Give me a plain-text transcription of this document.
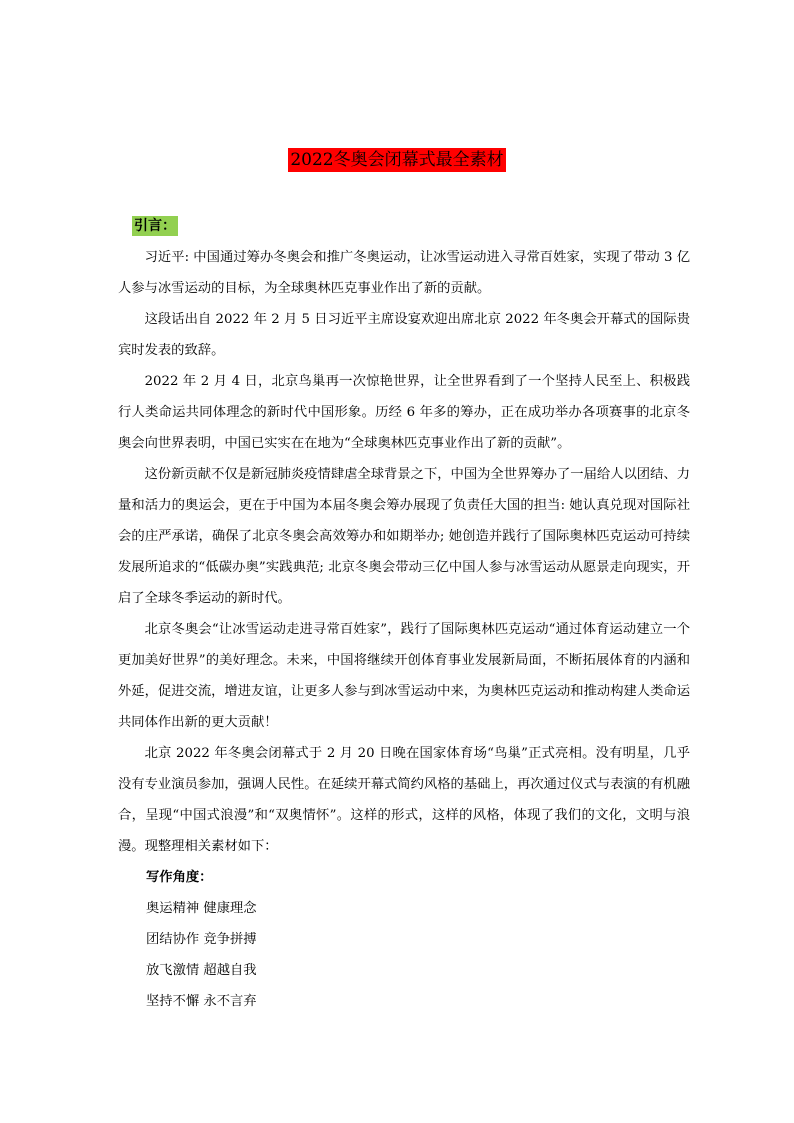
2022冬奥会闭幕式最全素材
引言：

习近平: 中国通过筹办冬奥会和推广冬奥运动，让冰雪运动进入寻常百姓家，实现了带动 3 亿人参与冰雪运动的目标，为全球奥林匹克事业作出了新的贡献。

这段话出自 2022 年 2 月 5 日习近平主席设宴欢迎出席北京 2022 年冬奥会开幕式的国际贵宾时发表的致辞。

2022 年 2 月 4 日，北京鸟巢再一次惊艳世界，让全世界看到了一个坚持人民至上、积极践行人类命运共同体理念的新时代中国形象。历经 6 年多的筹办，正在成功举办各项赛事的北京冬奥会向世界表明，中国已实实在在地为“全球奥林匹克事业作出了新的贡献”。

这份新贡献不仅是新冠肺炎疫情肆虐全球背景之下，中国为全世界筹办了一届给人以团结、力量和活力的奥运会，更在于中国为本届冬奥会筹办展现了负责任大国的担当: 她认真兑现对国际社会的庄严承诺，确保了北京冬奥会高效筹办和如期举办; 她创造并践行了国际奥林匹克运动可持续发展所追求的“低碳办奥”实践典范; 北京冬奥会带动三亿中国人参与冰雪运动从愿景走向现实，开启了全球冬季运动的新时代。

北京冬奥会“让冰雪运动走进寻常百姓家”，践行了国际奥林匹克运动“通过体育运动建立一个更加美好世界”的美好理念。未来，中国将继续开创体育事业发展新局面，不断拓展体育的内涵和外延，促进交流，增进友谊，让更多人参与到冰雪运动中来，为奥林匹克运动和推动构建人类命运共同体作出新的更大贡献！

北京 2022 年冬奥会闭幕式于 2 月 20 日晚在国家体育场“鸟巢”正式亮相。没有明星，几乎没有专业演员参加，强调人民性。在延续开幕式简约风格的基础上，再次通过仪式与表演的有机融合，呈现“中国式浪漫”和“双奥情怀”。这样的形式，这样的风格，体现了我们的文化，文明与浪漫。现整理相关素材如下：

写作角度：
奥运精神 健康理念
团结协作 竞争拼搏
放飞激情 超越自我
坚持不懈 永不言弃
